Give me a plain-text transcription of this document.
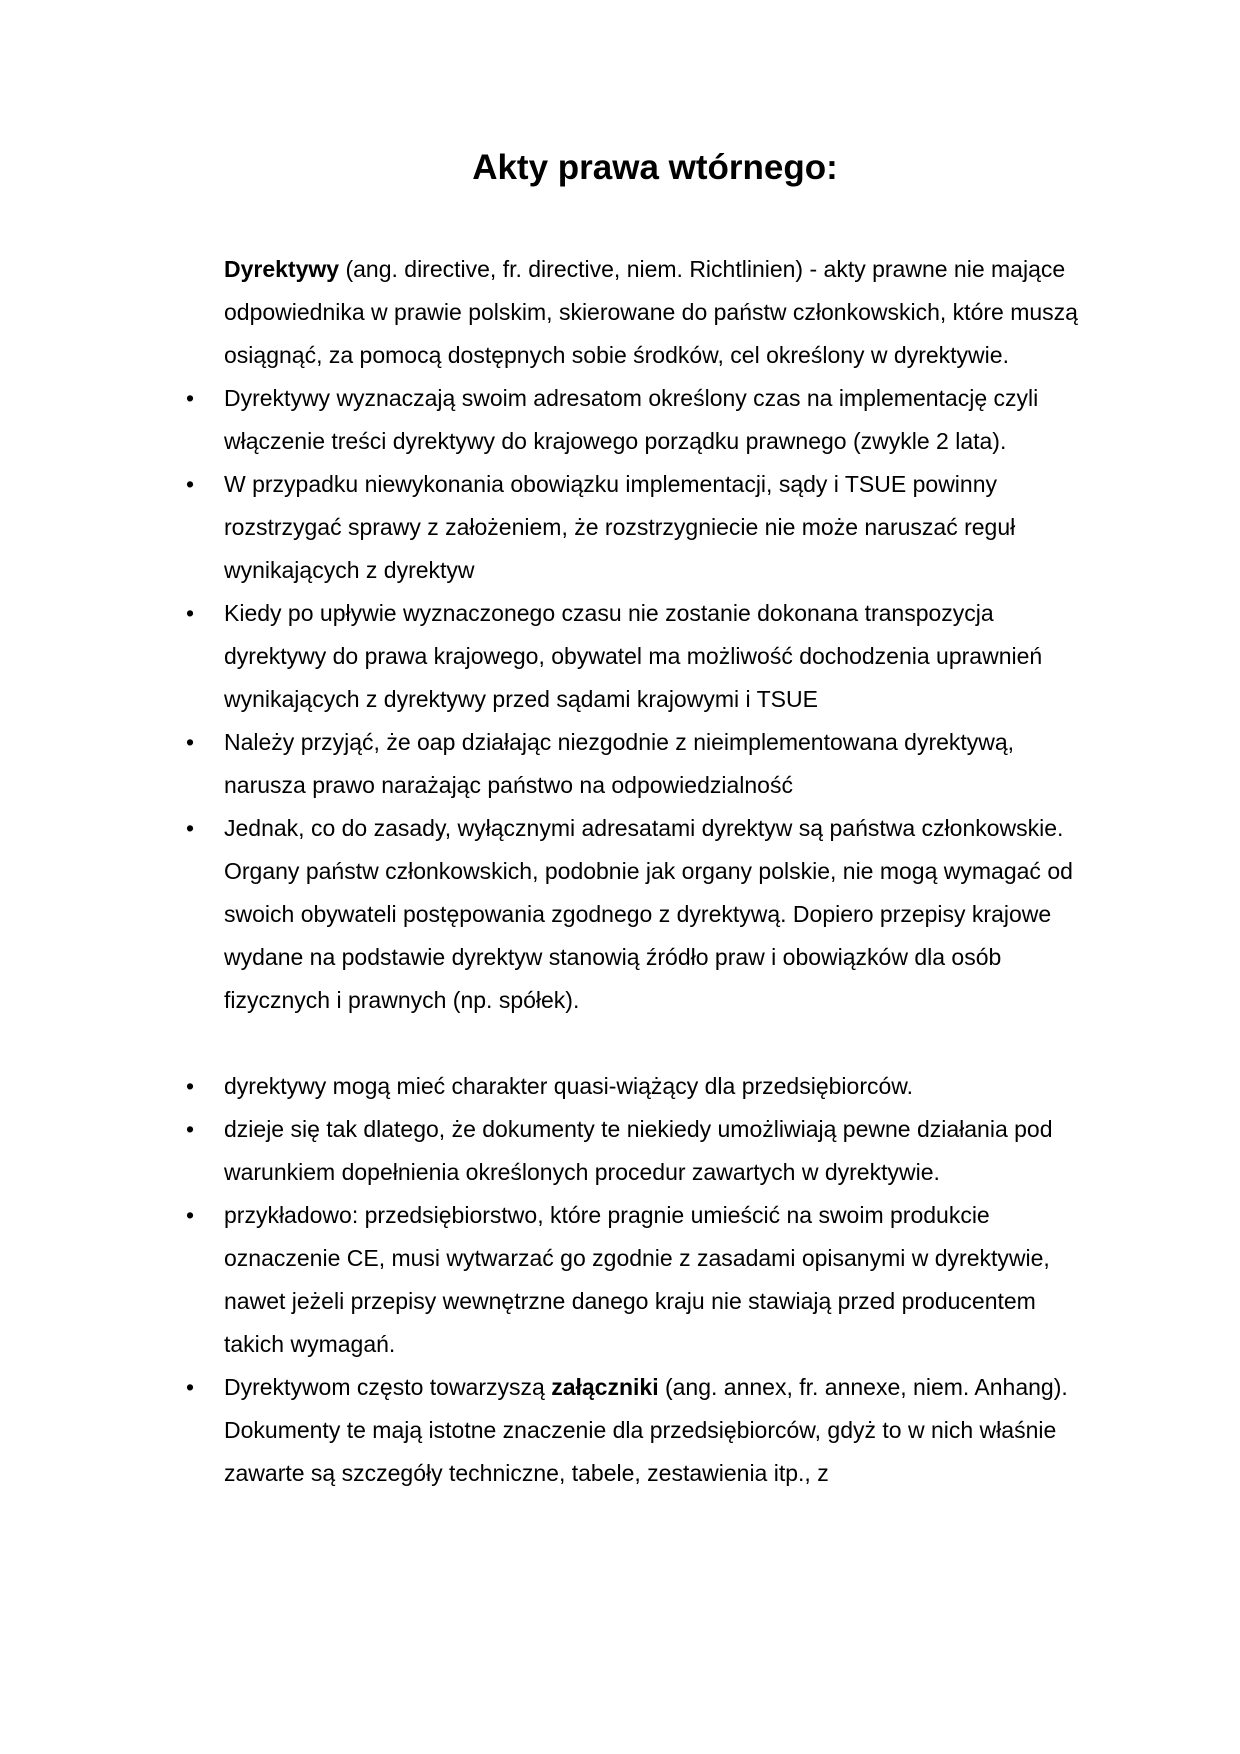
Akty prawa wtórnego:

Dyrektywy (ang. directive, fr. directive, niem. Richtlinien) - akty prawne nie mające odpowiednika w prawie polskim, skierowane do państw członkowskich, które muszą osiągnąć, za pomocą dostępnych sobie środków, cel określony w dyrektywie.

•	Dyrektywy wyznaczają swoim adresatom określony czas na implementację czyli włączenie treści dyrektywy do krajowego porządku prawnego (zwykle 2 lata).
•	W przypadku niewykonania obowiązku implementacji, sądy i TSUE powinny rozstrzygać sprawy z założeniem, że rozstrzygniecie nie może naruszać reguł wynikających z dyrektyw
•	Kiedy po upływie wyznaczonego czasu nie zostanie dokonana transpozycja dyrektywy do prawa krajowego, obywatel ma możliwość dochodzenia uprawnień wynikających z dyrektywy przed sądami krajowymi i TSUE
•	Należy przyjąć, że oap działając niezgodnie z nieimplementowana dyrektywą, narusza prawo narażając państwo na odpowiedzialność
•	Jednak, co do zasady, wyłącznymi adresatami dyrektyw są państwa członkowskie. Organy państw członkowskich, podobnie jak organy polskie, nie mogą wymagać od swoich obywateli postępowania zgodnego z dyrektywą. Dopiero przepisy krajowe wydane na podstawie dyrektyw stanowią źródło praw i obowiązków dla osób fizycznych i prawnych (np. spółek).
•	dyrektywy mogą mieć charakter quasi-wiążący dla przedsiębiorców.
•	dzieje się tak dlatego, że dokumenty te niekiedy umożliwiają pewne działania pod warunkiem dopełnienia określonych procedur zawartych w dyrektywie.
•	przykładowo: przedsiębiorstwo, które pragnie umieścić na swoim produkcie oznaczenie CE, musi wytwarzać go zgodnie z zasadami opisanymi w dyrektywie, nawet jeżeli przepisy wewnętrzne danego kraju nie stawiają przed producentem takich wymagań.
•	Dyrektywom często towarzyszą załączniki (ang. annex, fr. annexe, niem. Anhang). Dokumenty te mają istotne znaczenie dla przedsiębiorców, gdyż to w nich właśnie zawarte są szczegóły techniczne, tabele, zestawienia itp., z
